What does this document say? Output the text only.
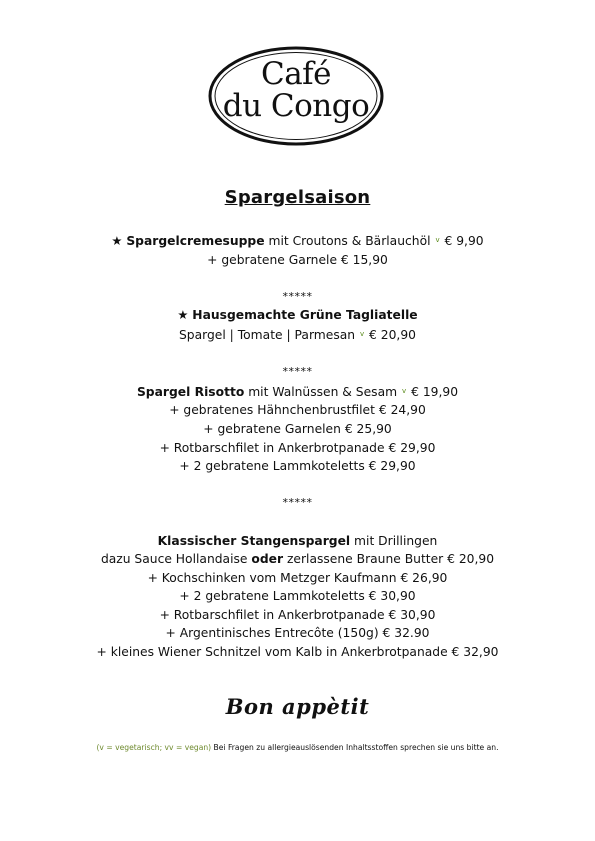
Café
du Congo
Spargelsaison
★ Spargelcremesuppe mit Croutons & Bärlauchöl $^v$ € 9,90
+ gebratene Garnele € 15,90
*****
★ Hausgemachte Grüne Tagliatelle
Spargel | Tomate | Parmesan $^v$ € 20,90
*****
Spargel Risotto mit Walnüssen & Sesam $^v$ € 19,90
+ gebratenes Hähnchenbrustfilet € 24,90
+ gebratene Garnelen € 25,90
+ Rotbarschfilet in Ankerbrotpanade € 29,90
+ 2 gebratene Lammkoteletts € 29,90
*****
Klassischer Stangenspargel mit Drillingen
dazu Sauce Hollandaise oder zerlassene Braune Butter € 20,90
+ Kochschinken vom Metzger Kaufmann € 26,90
+ 2 gebratene Lammkoteletts € 30,90
+ Rotbarschfilet in Ankerbrotpanade € 30,90
+ Argentinisches Entrecôte (150g) € 32.90
+ kleines Wiener Schnitzel vom Kalb in Ankerbrotpanade € 32,90
Bon appètit
(v = vegetarisch; vv = vegan) Bei Fragen zu allergieauslösenden Inhaltsstoffen sprechen sie uns bitte an.
